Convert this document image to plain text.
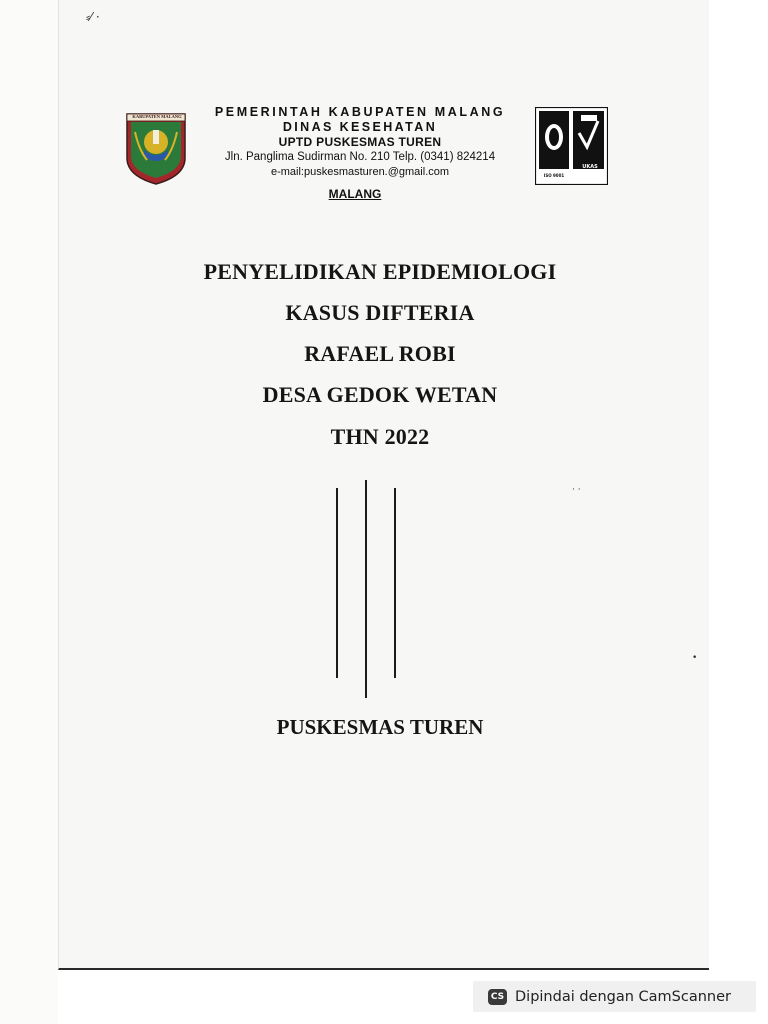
⸗⁄ ·
· ·
•
KABUPATEN MALANG	PEMERINTAH KABUPATEN MALANG
DINAS KESEHATAN
UPTD PUSKESMAS TUREN
Jln. Panglima Sudirman No. 210 Telp. (0341) 824214
e-mail:puskesmasturen.@gmail.com
MALANG
ISO 9001
UKAS
PENYELIDIKAN EPIDEMIOLOGI
KASUS DIFTERIA
RAFAEL ROBI
DESA GEDOK WETAN
THN 2022
PUSKESMAS TUREN
CS Dipindai dengan CamScanner
